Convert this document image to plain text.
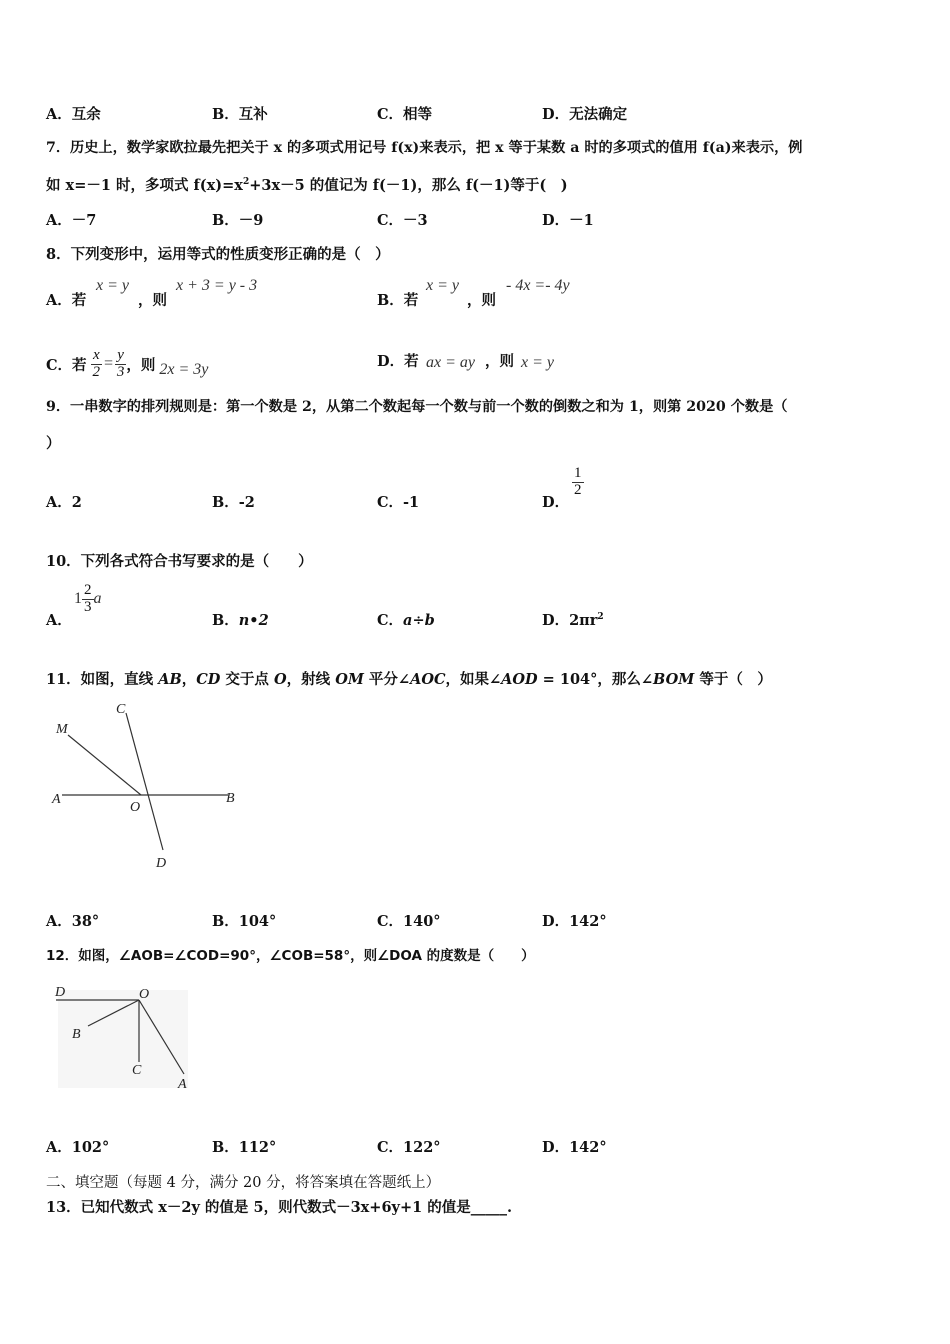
A．互余	B．互补	C．相等	D．无法确定
7．历史上，数学家欧拉最先把关于 x 的多项式用记号 f(x)来表示，把 x 等于某数 a 时的多项式的值用 f(a)来表示，例
如 x=－1 时，多项式 $f(x)=x^2+3x-5$ 的值记为 f(－1)，那么 f(－1)等于(　)
A．－7	B．－9	C．－3	D．－1
8．下列变形中，运用等式的性质变形正确的是（　）
A．若
x = y
，则
x + 3 = y - 3
B．若
x = y
，则
- 4x =- 4y
C．若 $\frac{x}{2} = \frac{y}{3}$ ，则 2x = 3y	D．若 ax = ay ，则 x = y
9．一串数字的排列规则是：第一个数是 2，从第二个数起每一个数与前一个数的倒数之和为 1，则第 2020 个数是（
）
A．2	B．-2	C．-1	D．
$\frac{1}{2}$
10．下列各式符合书写要求的是（　　）
A．
$1 \frac{2}{3}$ a
B．n•2	C．a÷b	D．$2\pi r^2$
11．如图，直线 AB，CD 交于点 O，射线 OM 平分∠AOC，如果∠AOD = 104°，那么∠BOM 等于（　）
M
C
A
O
B
D
A．38°	B．104°	C．140°	D．142°
12．如图，∠AOB=∠COD=90°，∠COB=58°，则∠DOA 的度数是（　　）
D	O
B
C
A
A．102°	B．112°	C．122°	D．142°
二、填空题（每题 4 分，满分 20 分，将答案填在答题纸上）
13．已知代数式 x－2y 的值是 5，则代数式－3x+6y+1 的值是_____.
